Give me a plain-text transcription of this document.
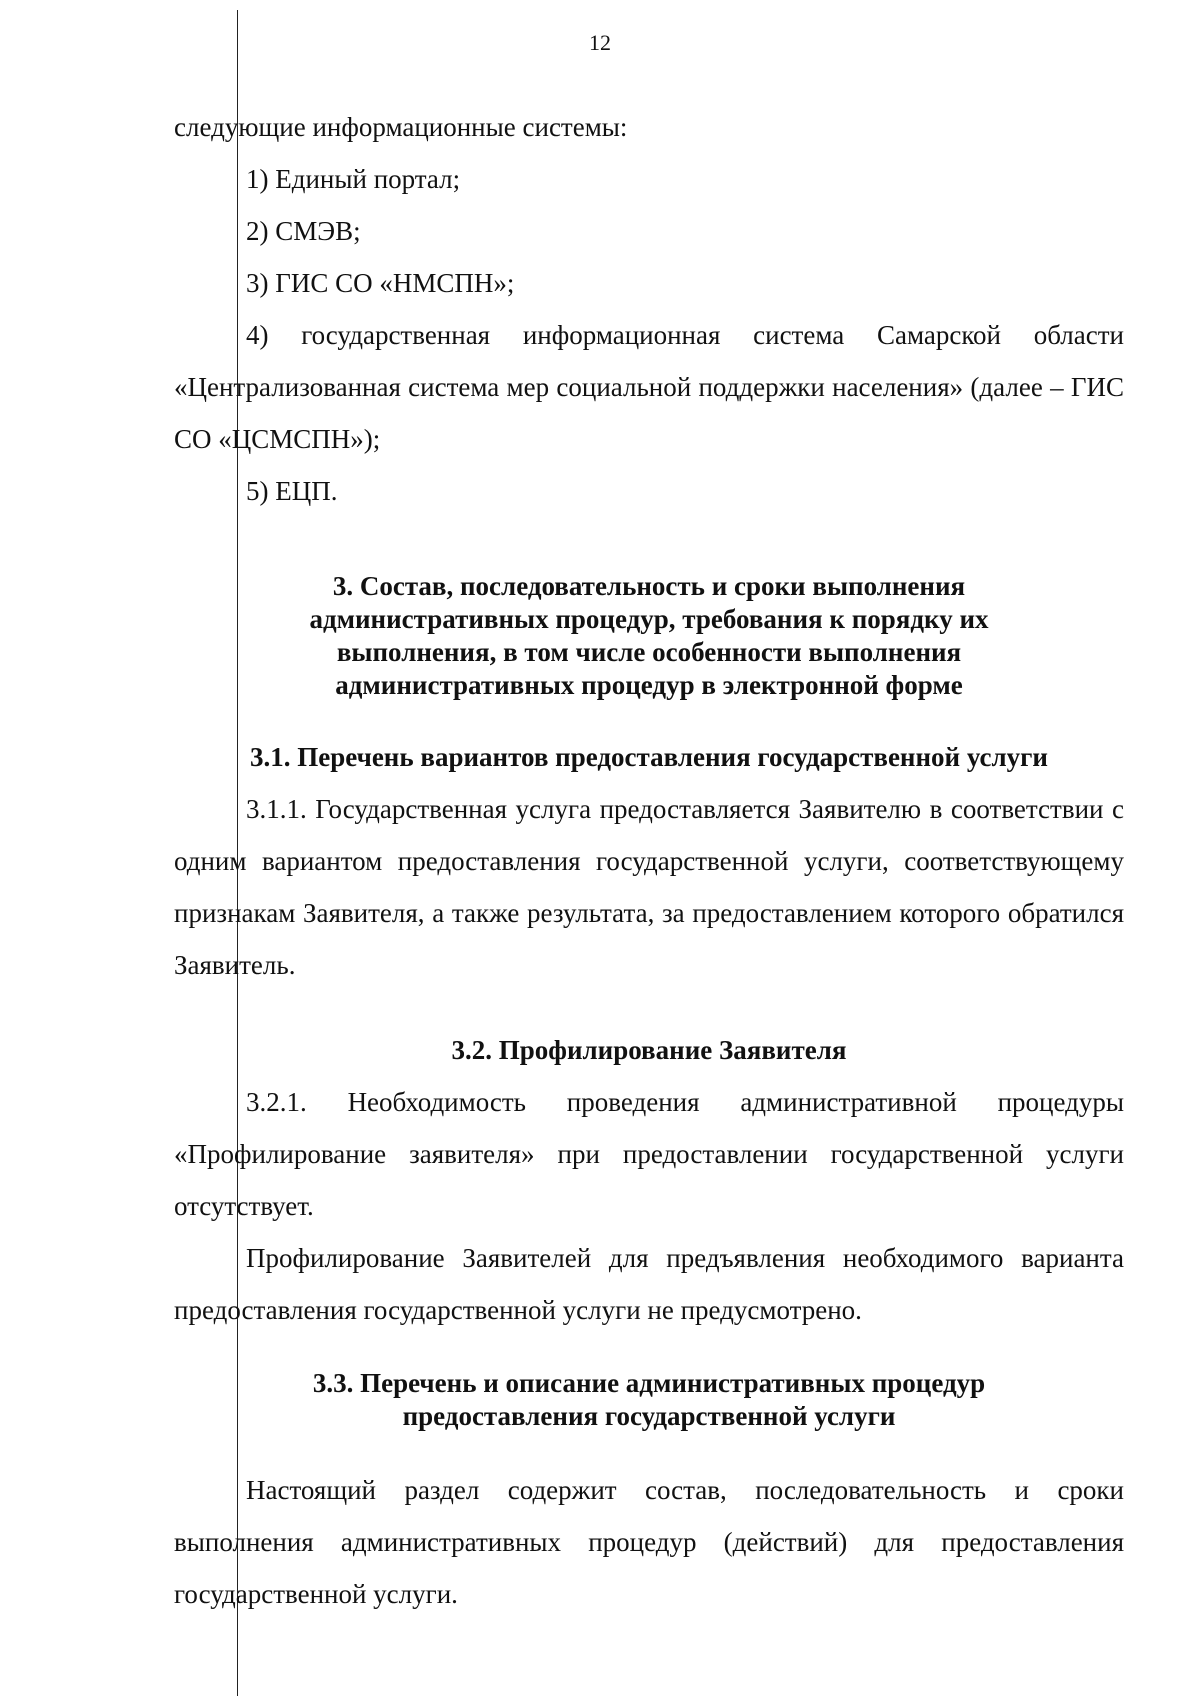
12

следующие информационные системы:

1) Единый портал;

2) СМЭВ;

3) ГИС СО «НМСПН»;

4) государственная информационная система Самарской области «Централизованная система мер социальной поддержки населения» (далее – ГИС СО «ЦСМСПН»);

5) ЕЦП.

3. Состав, последовательность и сроки выполнения

административных процедур, требования к порядку их

выполнения, в том числе особенности выполнения

административных процедур в электронной форме

3.1. Перечень вариантов предоставления государственной услуги

3.1.1. Государственная услуга предоставляется Заявителю в соответствии с одним вариантом предоставления государственной услуги, соответствующему признакам Заявителя, а также результата, за предоставлением которого обратился Заявитель.

3.2. Профилирование Заявителя

3.2.1. Необходимость проведения административной процедуры «Профилирование заявителя» при предоставлении государственной услуги отсутствует.

Профилирование Заявителей для предъявления необходимого варианта предоставления государственной услуги не предусмотрено.

3.3. Перечень и описание административных процедур

предоставления государственной услуги

Настоящий раздел содержит состав, последовательность и сроки выполнения административных процедур (действий) для предоставления государственной услуги.
